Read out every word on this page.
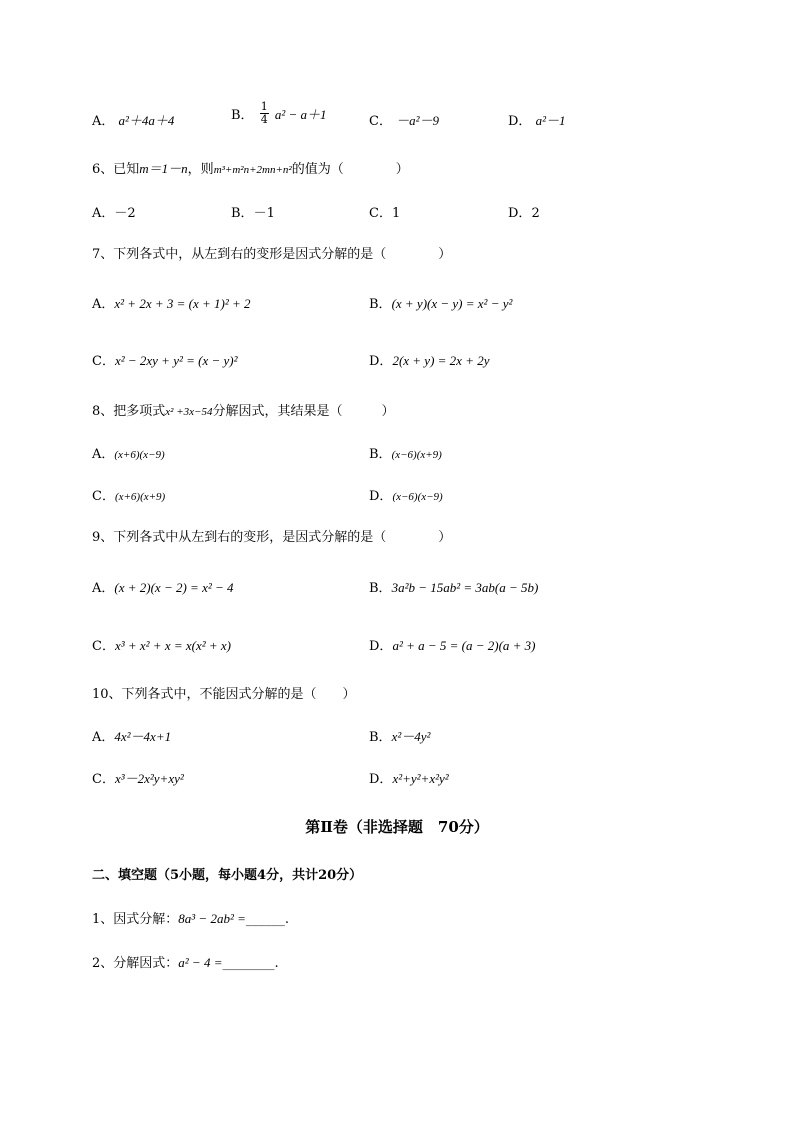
A． a²＋4a＋4	B． $\frac{1}{4} a^2 - a+1$	C． －a²－9	D． a²－1
6、已知m＝1－n，则m³+m²n+2mn+n²的值为（　　　　）
A．－2	B．－1	C．1	D．2
7、下列各式中，从左到右的变形是因式分解的是（　　　　）
A．x² + 2x + 3 = (x + 1)² + 2	B．(x + y)(x − y) = x² − y²
C．x² − 2xy + y² = (x − y)²	D．2(x + y) = 2x + 2y
8、把多项式x² +3x−54分解因式，其结果是（　　　）
A．(x+6)(x−9)	B．(x−6)(x+9)
C．(x+6)(x+9)	D．(x−6)(x−9)
9、下列各式中从左到右的变形，是因式分解的是（　　　　）
A．(x + 2)(x − 2) = x² − 4	B．3a²b − 15ab² = 3ab(a − 5b)
C．x³ + x² + x = x(x² + x)	D．a² + a − 5 = (a − 2)(a + 3)
10、下列各式中，不能因式分解的是（　　）
A．4x²－4x+1	B．x²－4y²
C．x³－2x²y+xy²	D．x²+y²+x²y²
第Ⅱ卷（非选择题　70分）
二、填空题（5小题，每小题4分，共计20分）
1、因式分解：8a³ − 2ab² =______.
2、分解因式：a² − 4 =________.
